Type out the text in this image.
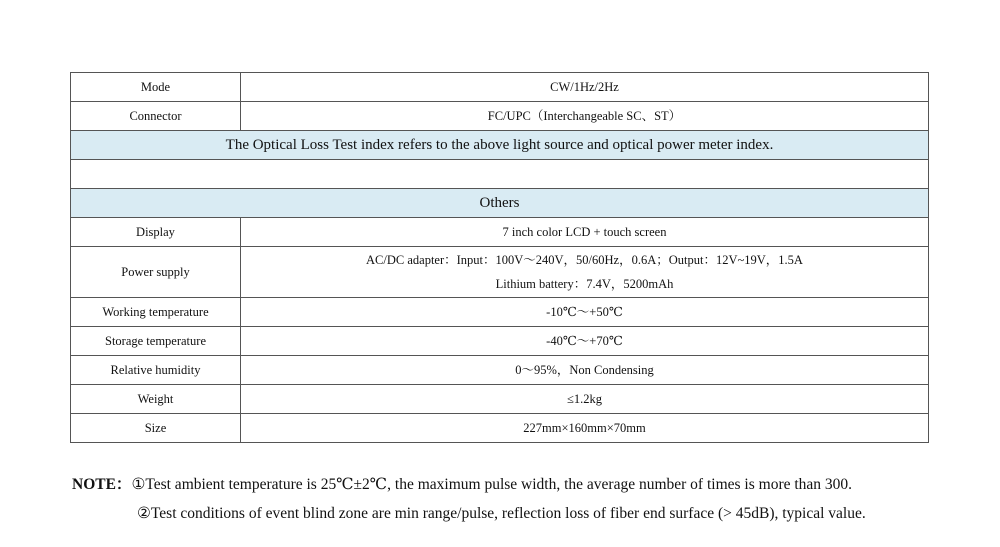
Mode	CW/1Hz/2Hz
Connector	FC/UPC（Interchangeable SC、ST）
The Optical Loss Test index refers to the above light source and optical power meter index.	

Others	
Display	7 inch color LCD + touch screen
Power supply	AC/DC adapter：Input：100V～240V，50/60Hz，0.6A；Output：12V~19V，1.5A
Lithium battery：7.4V，5200mAh

Working temperature	-10℃～+50℃
Storage temperature	-40℃～+70℃
Relative humidity	0～95%，Non Condensing
Weight	≤1.2kg
Size	227mm×160mm×70mm
NOTE：①Test ambient temperature is 25℃±2℃, the maximum pulse width, the average number of times is more than 300.
②Test conditions of event blind zone are min range/pulse, reflection loss of fiber end surface (> 45dB), typical value.
